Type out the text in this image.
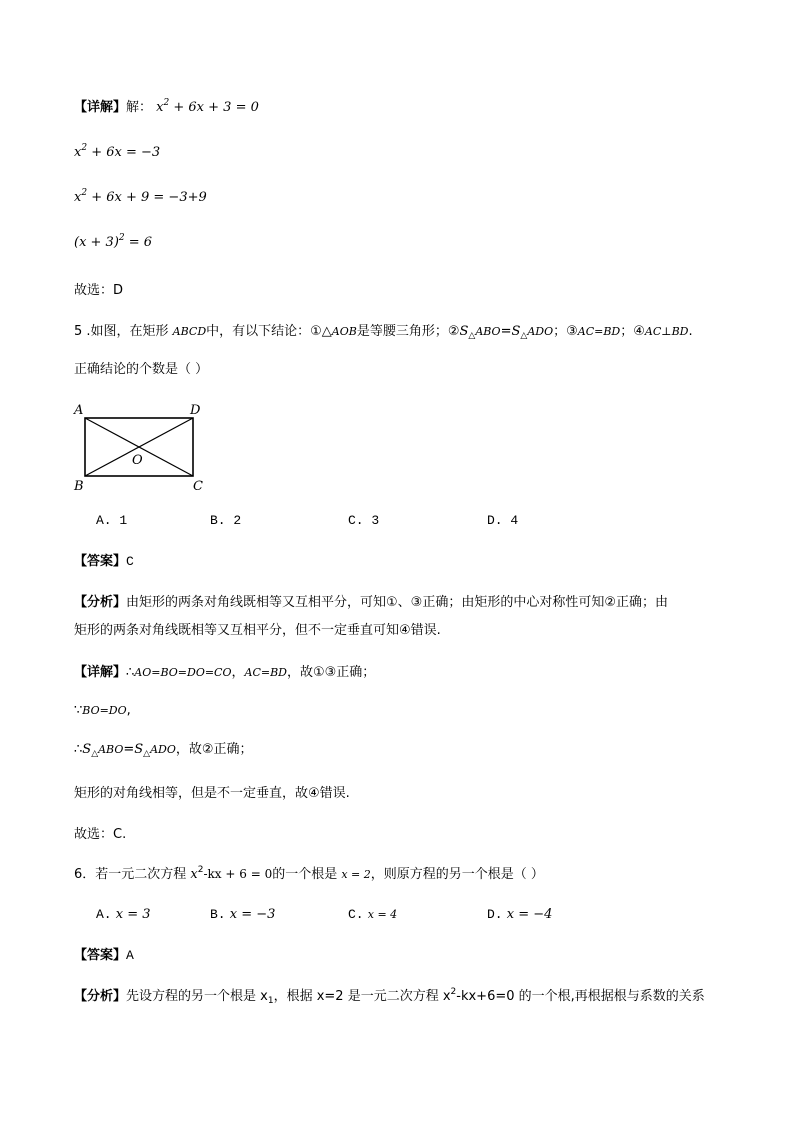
【详解】解： $x^2 + 6x + 3 = 0$
$x^2 + 6x = -3$
$x^2 + 6x + 9 = -3+9$
$(x + 3)^2 = 6$
故选：D
5 .如图，在矩形 ABCD中，有以下结论：①△AOB是等腰三角形；$②S_\triangle ABO=S_\triangle ADO$；③AC=BD；④AC⊥BD.
正确结论的个数是（ ）
A	D
B	C
O
A. 1	B. 2	C. 3	D. 4
【答案】C
【分析】由矩形的两条对角线既相等又互相平分，可知①、③正确；由矩形的中心对称性可知②正确；由
矩形的两条对角线既相等又互相平分，但不一定垂直可知④错误.
【详解】∴AO=BO=DO=CO，AC=BD，故①③正确；
∵BO=DO,
$\therefore S_\triangle ABO=S_\triangle ADO$，故②正确；
矩形的对角线相等，但是不一定垂直，故④错误.
故选：C.
6．若一元二次方程 $x^2-kx + 6 = 0$的一个根是 x = 2，则原方程的另一个根是（ ）
A. x = 3	B. x = −3	C. x = 4	D. x = −4
【答案】A
【分析】先设方程的另一个根是 $x_1$，根据 x=2 是一元二次方程 $x^2-kx+6=0$ 的一个根,再根据根与系数的关系
